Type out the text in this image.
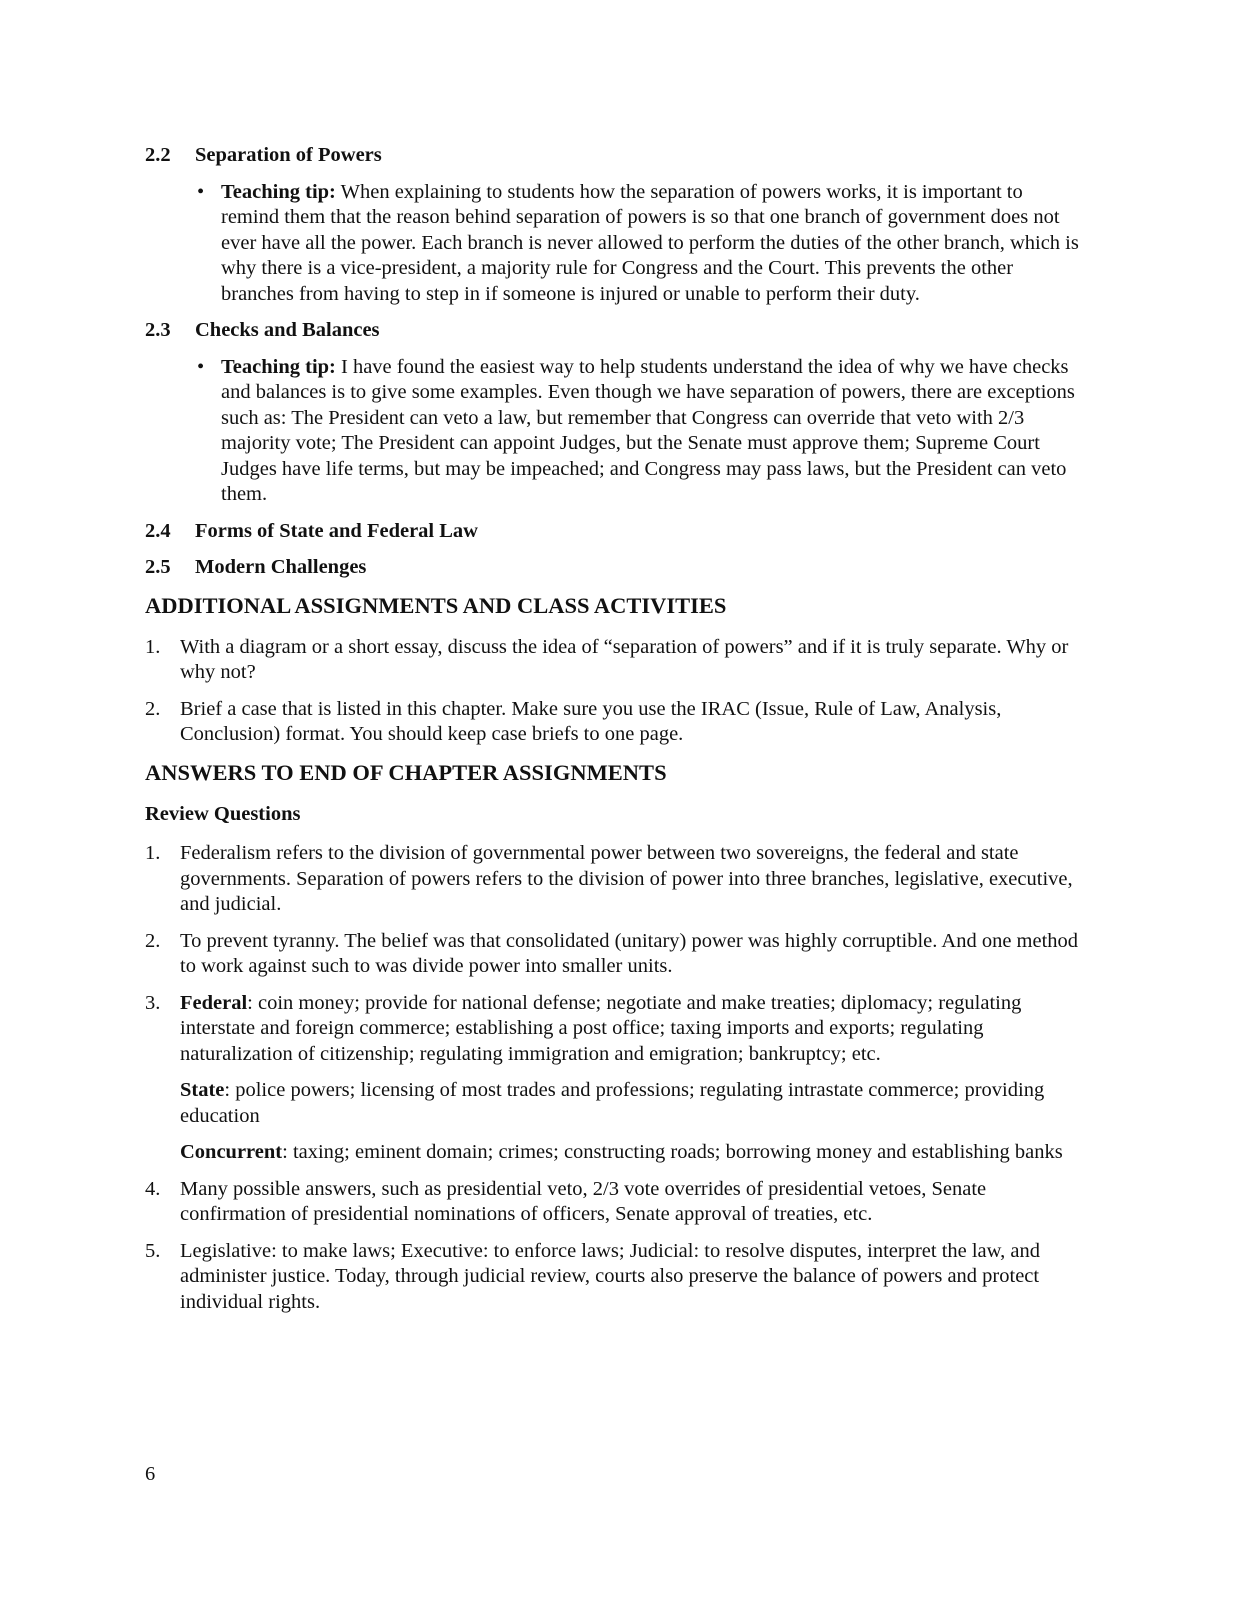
2.2	Separation of Powers
• Teaching tip: When explaining to students how the separation of powers works, it is important to remind them that the reason behind separation of powers is so that one branch of government does not ever have all the power. Each branch is never allowed to perform the duties of the other branch, which is why there is a vice-president, a majority rule for Congress and the Court. This prevents the other branches from having to step in if someone is injured or unable to perform their duty.
2.3	Checks and Balances
• Teaching tip: I have found the easiest way to help students understand the idea of why we have checks and balances is to give some examples. Even though we have separation of powers, there are exceptions such as: The President can veto a law, but remember that Congress can override that veto with 2/3 majority vote; The President can appoint Judges, but the Senate must approve them; Supreme Court Judges have life terms, but may be impeached; and Congress may pass laws, but the President can veto them.
2.4	Forms of State and Federal Law
2.5	Modern Challenges
ADDITIONAL ASSIGNMENTS AND CLASS ACTIVITIES
1. With a diagram or a short essay, discuss the idea of “separation of powers” and if it is truly separate. Why or why not?
2. Brief a case that is listed in this chapter. Make sure you use the IRAC (Issue, Rule of Law, Analysis, Conclusion) format. You should keep case briefs to one page.
ANSWERS TO END OF CHAPTER ASSIGNMENTS
Review Questions
1. Federalism refers to the division of governmental power between two sovereigns, the federal and state governments. Separation of powers refers to the division of power into three branches, legislative, executive, and judicial.
2. To prevent tyranny. The belief was that consolidated (unitary) power was highly corruptible. And one method to work against such to was divide power into smaller units.
3. Federal: coin money; provide for national defense; negotiate and make treaties; diplomacy; regulating interstate and foreign commerce; establishing a post office; taxing imports and exports; regulating naturalization of citizenship; regulating immigration and emigration; bankruptcy; etc.

State: police powers; licensing of most trades and professions; regulating intrastate commerce; providing education

Concurrent: taxing; eminent domain; crimes; constructing roads; borrowing money and establishing banks

4. Many possible answers, such as presidential veto, 2/3 vote overrides of presidential vetoes, Senate confirmation of presidential nominations of officers, Senate approval of treaties, etc.
5. Legislative: to make laws; Executive: to enforce laws; Judicial: to resolve disputes, interpret the law, and administer justice. Today, through judicial review, courts also preserve the balance of powers and protect individual rights.
6
